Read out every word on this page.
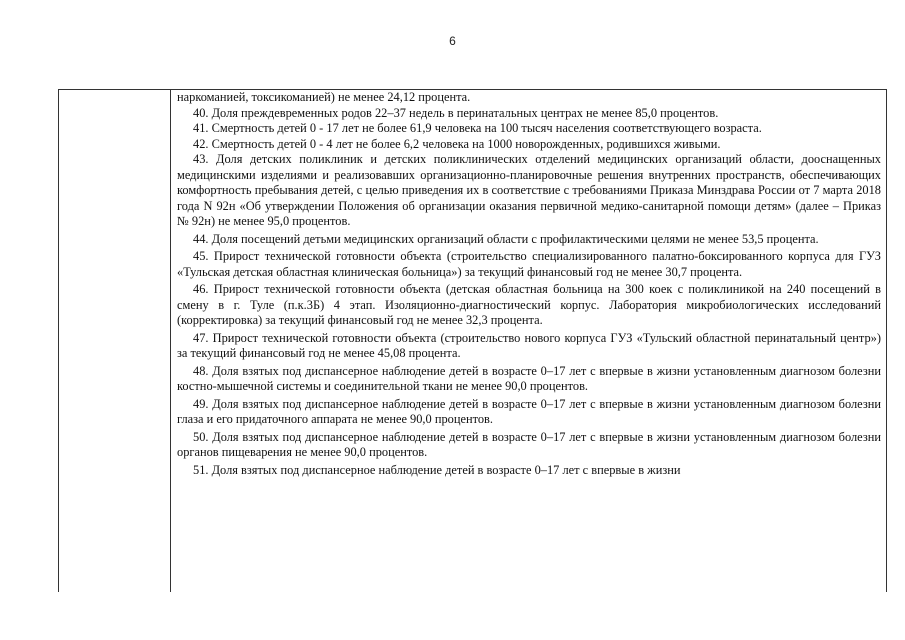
6

наркоманией, токсикоманией) не менее 24,12 процента.

40. Доля преждевременных родов 22–37 недель в перинатальных центрах не менее 85,0 процентов.

41. Смертность детей 0 - 17 лет не более 61,9 человека на 100 тысяч населения соответствующего возраста.

42. Смертность детей 0 - 4 лет не более 6,2 человека на 1000 новорожденных, родившихся живыми.

43. Доля детских поликлиник и детских поликлинических отделений медицинских организаций области, дооснащенных медицинскими изделиями и реализовавших организационно-планировочные решения внутренних пространств, обеспечивающих комфортность пребывания детей, с целью приведения их в соответствие с требованиями Приказа Минздрава России от 7 марта 2018 года N 92н «Об утверждении Положения об организации оказания первичной медико-санитарной помощи детям» (далее – Приказ № 92н) не менее 95,0 процентов.

44. Доля посещений детьми медицинских организаций области с профилактическими целями не менее 53,5 процента.

45. Прирост технической готовности объекта (строительство специализированного палатно-боксированного корпуса для ГУЗ «Тульская детская областная клиническая больница») за текущий финансовый год не менее 30,7 процента.

46. Прирост технической готовности объекта (детская областная больница на 300 коек с поликлиникой на 240 посещений в смену в г. Туле (п.к.3Б) 4 этап. Изоляционно-диагностический корпус. Лаборатория микробиологических исследований (корректировка) за текущий финансовый год не менее 32,3 процента.

47. Прирост технической готовности объекта (строительство нового корпуса ГУЗ «Тульский областной перинатальный центр») за текущий финансовый год не менее 45,08 процента.

48. Доля взятых под диспансерное наблюдение детей в возрасте 0–17 лет с впервые в жизни установленным диагнозом болезни костно-мышечной системы и соединительной ткани не менее 90,0 процентов.

49. Доля взятых под диспансерное наблюдение детей в возрасте 0–17 лет с впервые в жизни установленным диагнозом болезни глаза и его придаточного аппарата не менее 90,0 процентов.

50. Доля взятых под диспансерное наблюдение детей в возрасте 0–17 лет с впервые в жизни установленным диагнозом болезни органов пищеварения не менее 90,0 процентов.

51. Доля взятых под диспансерное наблюдение детей в возрасте 0–17 лет с впервые в жизни
